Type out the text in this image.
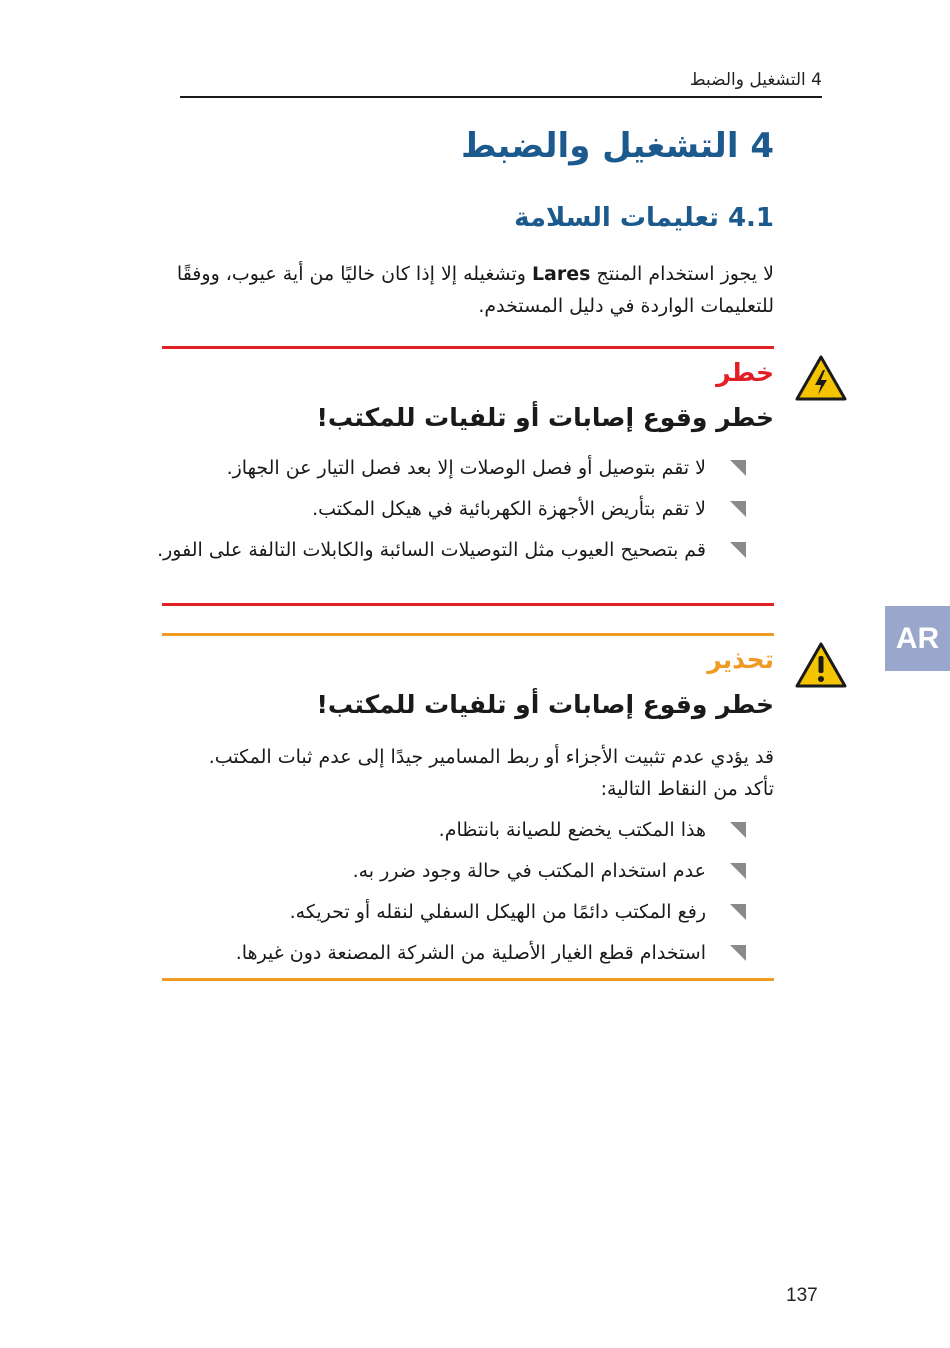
4 التشغيل والضبط
4 التشغيل والضبط
4.1 تعليمات السلامة
لا يجوز استخدام المنتج Lares وتشغيله إلا إذا كان خاليًا من أية عيوب، ووفقًا للتعليمات الواردة في دليل المستخدم.
خطر
خطر وقوع إصابات أو تلفيات للمكتب!
لا تقم بتوصيل أو فصل الوصلات إلا بعد فصل التيار عن الجهاز.
لا تقم بتأريض الأجهزة الكهربائية في هيكل المكتب.
قم بتصحيح العيوب مثل التوصيلات السائبة والكابلات التالفة على الفور.
تحذير
خطر وقوع إصابات أو تلفيات للمكتب!
قد يؤدي عدم تثبيت الأجزاء أو ربط المسامير جيدًا إلى عدم ثبات المكتب. تأكد من النقاط التالية:
هذا المكتب يخضع للصيانة بانتظام.
عدم استخدام المكتب في حالة وجود ضرر به.
رفع المكتب دائمًا من الهيكل السفلي لنقله أو تحريكه.
استخدام قطع الغيار الأصلية من الشركة المصنعة دون غيرها.
AR
137
